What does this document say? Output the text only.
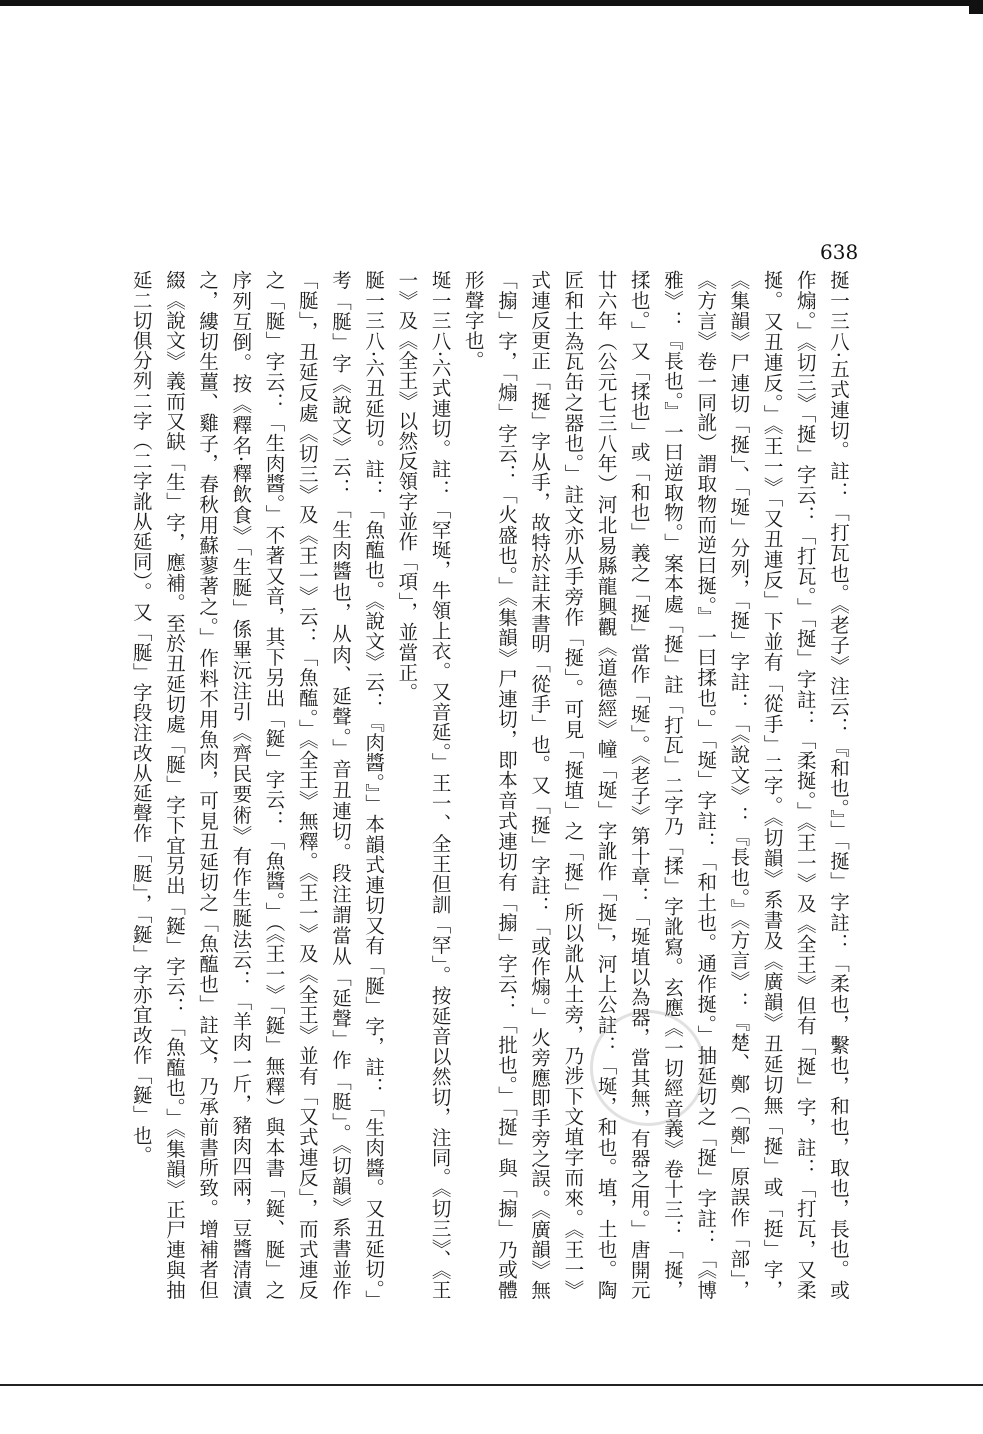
638

挻一三八·五式連切。註：「打瓦也。《老子》注云：『和也。』」「挻」字註：「柔也，繫也，和也，取也，長也。或作煽。」《切三》「挻」字云：「打瓦。」「挻」字註：「柔挻。」《王一》及《全王》但有「挻」字，註：「打瓦，又柔挻。又丑連反。」《王一》「又丑連反」下並有「從手」二字。《切韻》系書及《廣韻》丑延切無「挻」或「挺」字，《集韻》尸連切「挻」、「埏」分列，「挻」字註：「《說文》：『長也。』《方言》：『楚、鄭（「鄭」原誤作「部」，《方言》卷一同訛）謂取物而逆曰挻。』一曰揉也。」「埏」字註：「和土也。通作挻。」抽延切之「挻」字註：「《博雅》：『長也。』一曰逆取物。」案本處「挻」註「打瓦」二字乃「揉」字訛寫。玄應《一切經音義》卷十三：「挻，揉也。」又「揉也」或「和也」義之「挻」當作「埏」。《老子》第十章：「埏埴以為器，當其無，有器之用。」唐開元廿六年（公元七三八年）河北易縣龍興觀《道德經》幢「埏」字訛作「挻」，河上公註：「埏，和也。埴，土也。陶匠和土為瓦缶之器也。」註文亦从手旁作「挻」。可見「挻埴」之「挻」所以訛从土旁，乃涉下文埴字而來。《王一》式連反更正「挻」字从手，故特於註末書明「從手」也。又「挻」字註：「或作煽。」火旁應即手旁之誤。《廣韻》無「搧」字，「煽」字云：「火盛也。」《集韻》尸連切，即本音式連切有「搧」字云：「批也。」「挻」與「搧」乃或體形聲字也。

埏一三八·六式連切。註：「罕埏，牛領上衣。又音延。」王一、全王但訓「罕」。按延音以然切，注同。《切三》、《王一》及《全王》以然反領字並作「項」，並當正。

脠一三八·六丑延切。註：「魚醢也。《說文》云：『肉醬。』」本韻式連切又有「脠」字，註：「生肉醬。又丑延切。」考「脠」字《說文》云：「生肉醬也，从肉、延聲。」音丑連切。段注謂當从「延聲」作「脡」。《切韻》系書並作「脠」，丑延反處《切三》及《王一》云：「魚醢。」《全王》無釋。《王一》及《全王》並有「又式連反」，而式連反之「脠」字云：「生肉醬。」不著又音，其下另出「鋋」字云：「魚醬。」（《王一》「鋋」無釋）與本書「鋋、脠」之序列互倒。按《釋名·釋飲食》「生脠」係畢沅注引《齊民要術》有作生脠法云：「羊肉一斤，豬肉四兩，豆醬清漬之，縷切生薑、雞子，春秋用蘇蓼著之。」作料不用魚肉，可見丑延切之「魚醢也」註文，乃承前書所致。增補者但綴《說文》義而又缺「生」字，應補。至於丑延切處「脠」字下宜另出「鋋」字云：「魚醢也。」《集韻》正尸連與抽延二切俱分列二字（二字訛从延同）。又「脠」字段注改从延聲作「脡」，「鋋」字亦宜改作「鋋」也。
